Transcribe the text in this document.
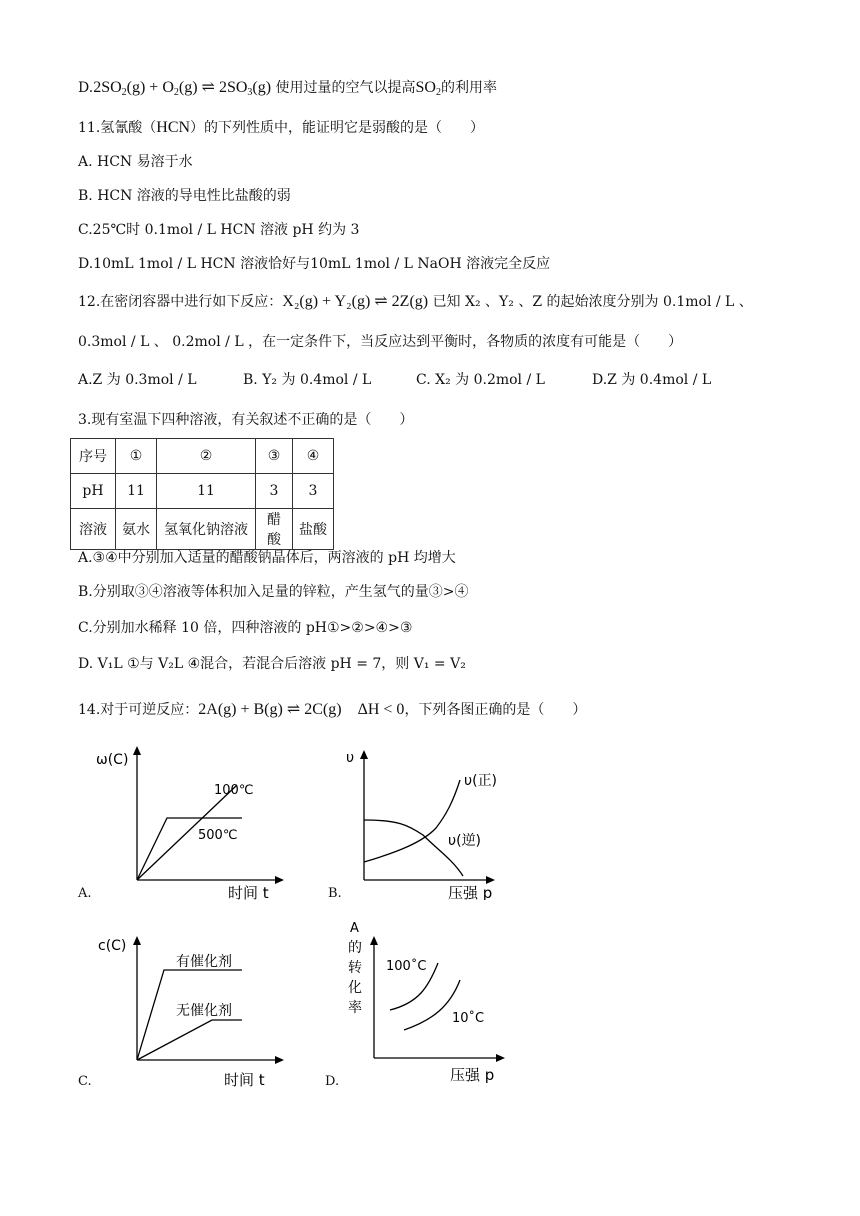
$D.2SO_2(g) + O_2(g)$ ⇌ $2SO_3(g)$ 使用过量的空气以提高$SO_2$的利用率
11.氢氰酸（HCN）的下列性质中，能证明它是弱酸的是（　　）
A. HCN 易溶于水
B. HCN 溶液的导电性比盐酸的弱
C.25℃时 0.1mol / L HCN 溶液 pH 约为 3
D.10mL 1mol / L HCN 溶液恰好与10mL 1mol / L NaOH 溶液完全反应
12.在密闭容器中进行如下反应：X₂(g) + Y₂(g) ⇌ 2Z(g) 已知 X₂ 、Y₂ 、Z 的起始浓度分别为 0.1mol / L 、
0.3mol / L 、 0.2mol / L ，在一定条件下，当反应达到平衡时，各物质的浓度有可能是（　　）
A.Z 为 0.3mol / L	B. Y₂ 为 0.4mol / L	C. X₂ 为 0.2mol / L	D.Z 为 0.4mol / L
3.现有室温下四种溶液，有关叙述不正确的是（　　）
序号	①	②	③	④
pH	11	11	3	3
溶液	氨水	氢氧化钠溶液	醋酸	盐酸
A.③④中分别加入适量的醋酸钠晶体后，两溶液的 pH 均增大
B.分别取③④溶液等体积加入足量的锌粒，产生氢气的量③>④
C.分别加水稀释 10 倍，四种溶液的 pH①>②>④>③
D. V₁L ①与 V₂L ④混合，若混合后溶液 pH = 7，则 V₁ = V₂
14.对于可逆反应：2A(g) + B(g) ⇌ 2C(g)　ΔH < 0，下列各图正确的是（　　）
ω(C)
时间 t
100℃
500℃
A.
υ
压强 p
υ(正)
υ(逆)
B.
c(C)
时间 t
有催化剂
无催化剂
C.
A
的
转
化
率
压强 p
100˚C
10˚C
D.
